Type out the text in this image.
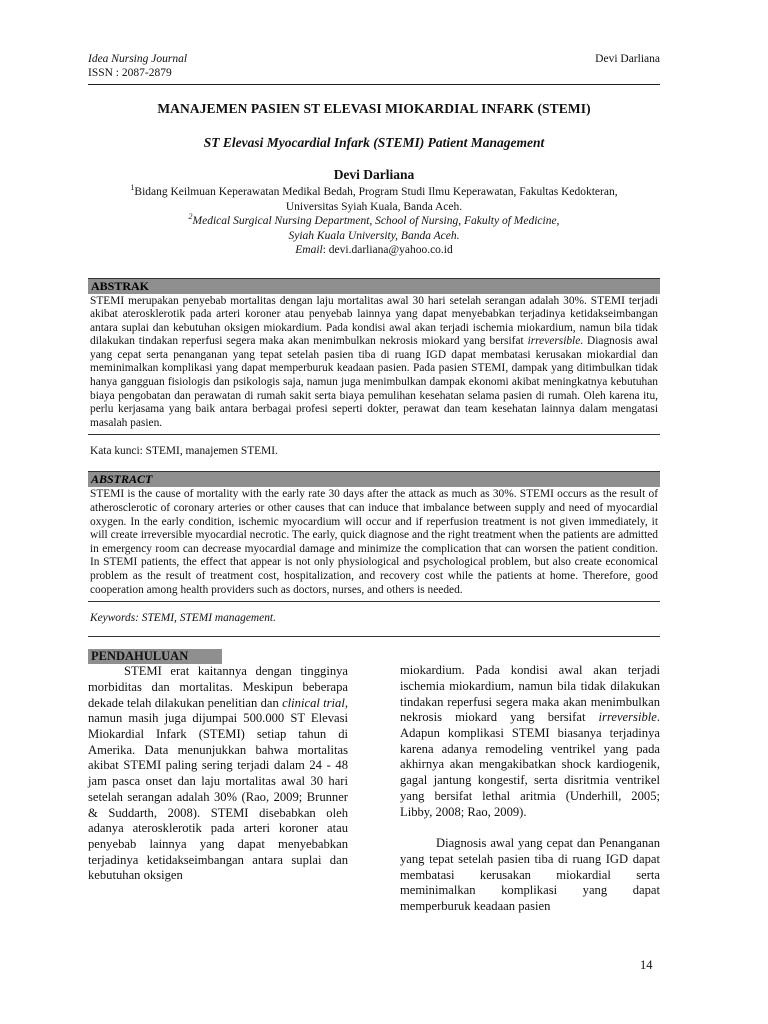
Idea Nursing Journal
ISSN : 2087-2879
Devi Darliana
MANAJEMEN PASIEN ST ELEVASI MIOKARDIAL INFARK (STEMI)
ST Elevasi Myocardial Infark (STEMI) Patient Management
Devi Darliana
$^1$Bidang Keilmuan Keperawatan Medikal Bedah, Program Studi Ilmu Keperawatan, Fakultas Kedokteran,
Universitas Syiah Kuala, Banda Aceh.
$^2$Medical Surgical Nursing Department, School of Nursing, Fakulty of Medicine,
Syiah Kuala University, Banda Aceh.
Email: devi.darliana@yahoo.co.id
ABSTRAK
STEMI merupakan penyebab mortalitas dengan laju mortalitas awal 30 hari setelah serangan adalah 30%. STEMI terjadi akibat aterosklerotik pada arteri koroner atau penyebab lainnya yang dapat menyebabkan terjadinya ketidakseimbangan antara suplai dan kebutuhan oksigen miokardium. Pada kondisi awal akan terjadi ischemia miokardium, namun bila tidak dilakukan tindakan reperfusi segera maka akan menimbulkan nekrosis miokard yang bersifat irreversible. Diagnosis awal yang cepat serta penanganan yang tepat setelah pasien tiba di ruang IGD dapat membatasi kerusakan miokardial dan meminimalkan komplikasi yang dapat memperburuk keadaan pasien. Pada pasien STEMI, dampak yang ditimbulkan tidak hanya gangguan fisiologis dan psikologis saja, namun juga menimbulkan dampak ekonomi akibat meningkatnya kebutuhan biaya pengobatan dan perawatan di rumah sakit serta biaya pemulihan kesehatan selama pasien di rumah. Oleh karena itu, perlu kerjasama yang baik antara berbagai profesi seperti dokter, perawat dan team kesehatan lainnya dalam mengatasi masalah pasien.
Kata kunci: STEMI, manajemen STEMI.
ABSTRACT
STEMI is the cause of mortality with the early rate 30 days after the attack as much as 30%. STEMI occurs as the result of atherosclerotic of coronary arteries or other causes that can induce that imbalance between supply and need of myocardial oxygen. In the early condition, ischemic myocardium will occur and if reperfusion treatment is not given immediately, it will create irreversible myocardial necrotic. The early, quick diagnose and the right treatment when the patients are admitted in emergency room can decrease myocardial damage and minimize the complication that can worsen the patient condition. In STEMI patients, the effect that appear is not only physiological and psychological problem, but also create economical problem as the result of treatment cost, hospitalization, and recovery cost while the patients at home. Therefore, good cooperation among health providers such as doctors, nurses, and others is needed.
Keywords: STEMI, STEMI management.
PENDAHULUAN

STEMI erat kaitannya dengan tingginya morbiditas dan mortalitas. Meskipun beberapa dekade telah dilakukan penelitian dan clinical trial, namun masih juga dijumpai 500.000 ST Elevasi Miokardial Infark (STEMI) setiap tahun di Amerika. Data menunjukkan bahwa mortalitas akibat STEMI paling sering terjadi dalam 24 - 48 jam pasca onset dan laju mortalitas awal 30 hari setelah serangan adalah 30% (Rao, 2009; Brunner & Suddarth, 2008). STEMI disebabkan oleh adanya aterosklerotik pada arteri koroner atau penyebab lainnya yang dapat menyebabkan terjadinya ketidakseimbangan antara suplai dan kebutuhan oksigen

miokardium. Pada kondisi awal akan terjadi ischemia miokardium, namun bila tidak dilakukan tindakan reperfusi segera maka akan menimbulkan nekrosis miokard yang bersifat irreversible. Adapun komplikasi STEMI biasanya terjadinya karena adanya remodeling ventrikel yang pada akhirnya akan mengakibatkan shock kardiogenik, gagal jantung kongestif, serta disritmia ventrikel yang bersifat lethal aritmia (Underhill, 2005; Libby, 2008; Rao, 2009).

Diagnosis awal yang cepat dan Penanganan yang tepat setelah pasien tiba di ruang IGD dapat membatasi kerusakan miokardial serta meminimalkan komplikasi yang dapat memperburuk keadaan pasien

14
